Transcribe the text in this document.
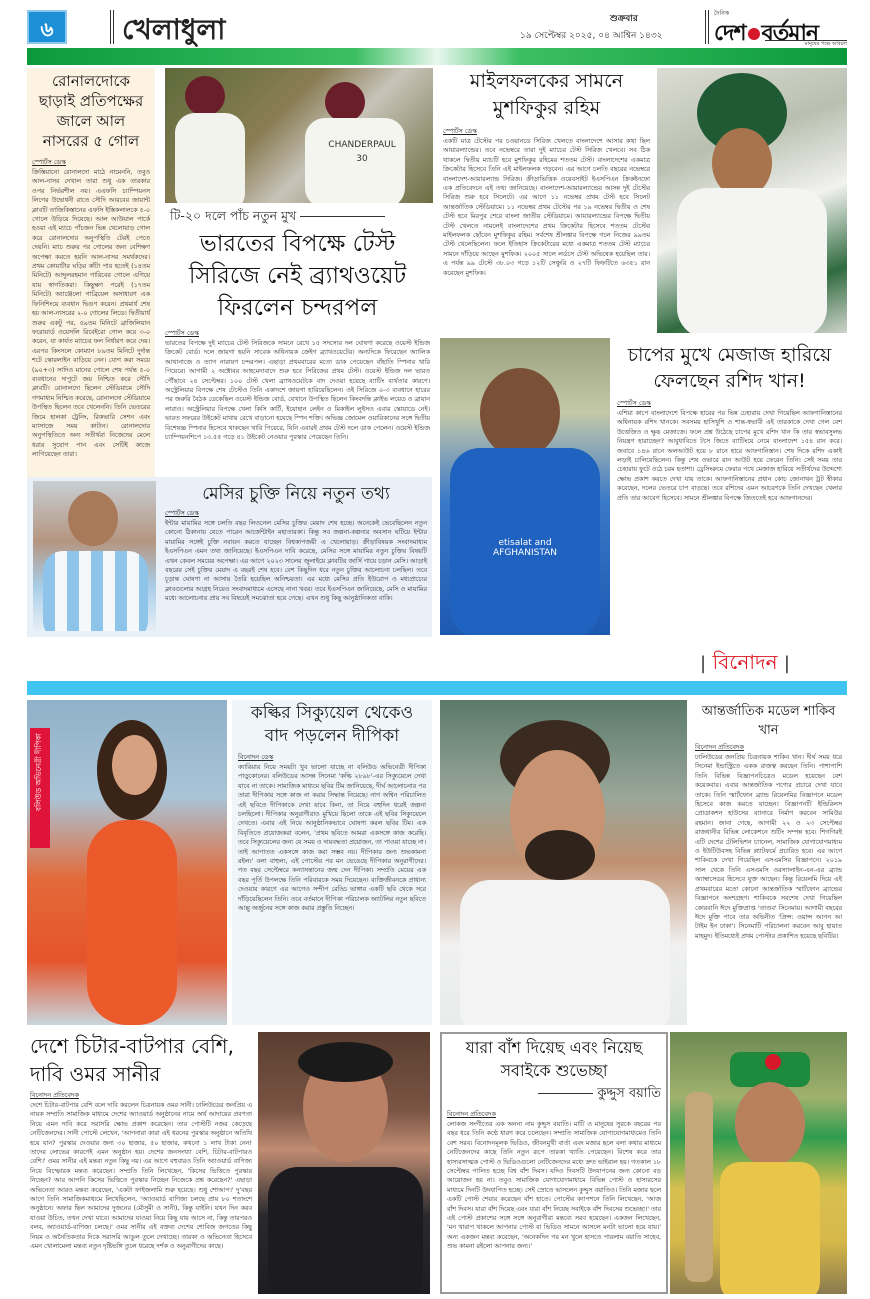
৬	খেলাধুলা	শুক্রবার
১৯ সেপ্টেম্বর ২০২৫, ০৪ আশ্বিন ১৪৩২
দৈনিক
দেশ বর্তমান
মানুষের পক্ষে অবিচল
রোনালদোকে ছাড়াই প্রতিপক্ষের জালে আল নাসরের ৫ গোল
স্পোর্টস ডেস্ক

ক্রিস্তিয়ানো রোনালদো মাঠে নামেননি, তবুও আল-নাসর দেখাল তারা শুধু এক তারকার ওপর নির্ভরশীল নয়। এএফসি চ্যাম্পিয়নস লিগের উদ্বোধনী রাতে সৌদি আরবের জায়ান্ট ক্লাবটি তাজিকিস্তানের এফসি ইস্তিকলালকে ৫-০ গোলে উড়িয়ে দিয়েছে। আল আউয়াল পার্কে হওয়া এই ম্যাচে পাঁচজন ভিন্ন খেলোয়াড় গোল করে রোনালদোর অনুপস্থিতি টেরই পেতে দেয়নি। ম্যাচ শুরুর পর গোলের জন্য বেশিক্ষণ অপেক্ষা করতে হয়নি আল-নাসর সমর্থকদের। প্রথম কোয়ার্টার ঘড়ির কাঁটা পার হতেই (১৪তম মিনিটে) আব্দুলরহমান গারিবের গোলে এগিয়ে যায় স্বাগতিকরা। কিছুক্ষণ পরেই (১৭তম মিনিটে) অ্যাঞ্জেলো গাব্রিয়েল অসাধারণ এক ফিনিশিংয়ে ব্যবধান দ্বিগুণ করেন। প্রথমার্ধ শেষ হয় আল-নাসরের ২-০ গোলের লিডে। দ্বিতীয়ার্ধ শুরুর একটু পর, ৫৯তম মিনিটে ব্রাজিলিয়ান ফরোয়ার্ড ওয়েসলি রিবেইরো গোল করে ৩-০ করেন, যা কার্যত ম্যাচের ফল নির্ধারণ করে দেয়। এরপর কিংসলে কোম্যান ৮৯তম মিনিটে দুর্দান্ত শটে স্কোরলাইন বাড়িয়ে নেন। যোগ করা সময়ে (৯০+৩) সাদিও মানের গোলে শেষ পর্যন্ত ৫-০ ব্যবধানের দাপুটে জয় নিশ্চিত করে সৌদি ক্লাবটি। রোনালদো ছিলেন স্টেডিয়ামে সৌদি গণমাধ্যম নিশ্চিত করেছে, রোনালদো স্টেডিয়ামে উপস্থিত ছিলেন তবে খেলেননি। তিনি ভেতরের জিমে হালকা ট্রেনিং, রিকভারি সেশন এবং ম্যাসাজে সময় কাটান। রোনালদোর অনুপস্থিতিতে অন্য সতীর্থরা নিজেদের মেলে ধরার সুযোগ পান এবং সেটিই কাজে লাগিয়েছেন তারা।

CHANDERPAUL 30
টি-২০ দলে পাঁচ নতুন মুখ
ভারতের বিপক্ষে টেস্ট সিরিজে নেই ব্র্যাথওয়েট ফিরলেন চন্দরপল
স্পোর্টস ডেস্ক

ভারতের বিপক্ষে দুই ম্যাচের টেস্ট সিরিজকে সামনে রেখে ১৫ সদস্যের দল ঘোষণা করেছে ওয়েস্ট ইন্ডিজ ক্রিকেট বোর্ড। দলে জায়গা হয়নি সাবেক অধিনায়ক ক্রেইগ ব্র্যাথওয়েটের। অন্যদিকে ফিরেছেন অ্যালিক আথানাজে ও ত্যাগ নারায়ণ চন্দরপল। এছাড়া প্রথমবারের মতো ডাক পেয়েছেন বাঁহাতি স্পিনার খারি পিয়েরে। আগামী ২ অক্টোবর আহমেদাবাদে শুরু হবে সিরিজের প্রথম টেস্ট। ওয়েস্ট ইন্ডিজ দল ভারত পৌঁছাবে ২৪ সেপ্টেম্বর। ১০০ টেস্ট খেলা ব্র্যাথওয়েটকে বাদ দেওয়া হয়েছে ব্যাটিং ব্যর্থতার কারণে। অস্ট্রেলিয়ার বিপক্ষে শেষ টেস্টেও তিনি একাদশে জায়গা হারিয়েছিলেন। ওই সিরিজে ০-৩ ব্যবধানে হারের পর জরুরি বৈঠক ডেকেছিল ওয়েস্ট ইন্ডিজ বোর্ড, যেখানে উপস্থিত ছিলেন কিংবদন্তি ক্লাইভ লয়েড ও ব্রায়ান লারাও। অস্ট্রেলিয়ার বিপক্ষে খেলা কিসি কার্টি, ইয়োহান লেইন ও মিকাইল লুইসও এবার স্কোয়াডে নেই। ভারত সফরের উইকেট মাথায় রেখে বাড়ানো হয়েছে স্পিন শক্তি। অভিজ্ঞ জোমেল ওয়ারিকানের সঙ্গে দ্বিতীয় বিশেষজ্ঞ স্পিনার হিসেবে থাকছেন খারি পিয়েরে, যিনি এবারই প্রথম টেস্ট দলে ডাক পেলেন। ওয়েস্ট ইন্ডিজ চ্যাম্পিয়নশিপে ১৩.৫৫ গড়ে ৪১ উইকেট নেওয়ার পুরস্কার পেয়েছেন তিনি।

মাইলফলকের সামনে মুশফিকুর রহিম
স্পোর্টস ডেস্ক

একটি মাত্র টেস্টের পর চওয়ানডে সিরিজ খেলতে বাংলাদেশে আসার কথা ছিল আয়ারল্যান্ডের। তবে নভেম্বরে তারা দুই ম্যাচের টেস্ট সিরিজ খেলবে। সব ঠিক থাকলে দ্বিতীয় ম্যাচটি হবে মুশফিকুর রহিমের শততম টেস্ট। বাংলাদেশের একমাত্র ক্রিকেটার হিসেবে তিনি এই মাইলফলক গড়বেন। এর আগে চলতি বছরের নভেম্বরে বাংলাদেশ-আয়ারল্যান্ড সিরিজ। ক্রীড়াভিত্তিক ওয়েবসাইট ইএসপিএন ক্রিকইনফো এক প্রতিবেদনে এই তথ্য জানিয়েছে। বাংলাদেশ-আয়ারল্যান্ডের আসন্ন দুই টেস্টের সিরিজ শুরু হবে সিলেটে। এর আগে ১১ নভেম্বর প্রথম টেস্ট হবে সিলেট আন্তর্জাতিক স্টেডিয়ামে। ১১ নভেম্বর প্রথম টেস্টের পর ১৯ নভেম্বর দ্বিতীয় ও শেষ টেস্ট হবে মিরপুর শেরে বাংলা জাতীয় স্টেডিয়ামে। আয়ারল্যান্ডের বিপক্ষে দ্বিতীয় টেস্ট খেলতে নামলেই বাংলাদেশের প্রথম ক্রিকেটার হিসেবে শততম টেস্টের মাইলফলক ছোঁবেন মুশফিকুর রহিম। সর্বশেষ শ্রীলঙ্কার বিপক্ষে গলে নিজের ৯৯তম টেস্ট খেলেছিলেন। ফলে ইতিহাস ক্রিকেটারের মধ্যে একমাত্র শততম টেস্ট ম্যাচের সামনে দাঁড়িয়ে আছেন মুশফিক। ২০০৫ সালে লর্ডসে টেস্ট অভিষেক হয়েছিল তার। এ পর্যন্ত ৯৯ টেস্টে ৩৮.০৩ গড়ে ১২টি সেঞ্চুরি ও ২৭টি ফিফটিতে ৬৩৫১ রান করেছেন মুশফিক।

etisalat and AFGHANISTAN
চাপের মুখে মেজাজ হারিয়ে ফেলছেন রশিদ খান!
স্পোর্টস ডেস্ক

এশিয়া কাপে বাংলাদেশে বিপক্ষে হারের পর ভিন্ন চেহারায় দেখা গিয়েছিল আফগানিস্তানের অধিনায়ক রশিদ খানকে। সবসময় হাসিখুশি ও শান্ত-স্বভাবী এই তারকাকে দেখা গেল বেশ উত্তেজিত ও ক্ষুব্ধ মেজাজে। ফলে প্রশ্ন উঠেছে চাপের মুখে রশিদ খান কি তার স্বভাবসুলভ নিয়ন্ত্রণ হারাচ্ছেন? আবুধাবিতে টসে জিতে ব্যাটিংয়ে নেমে বাংলাদেশ ১৫৪ রান করে। জবাবে ১৪৬ রানে অলআউট হয়ে ৮ রানে হারে আফগানিস্তান। শেষ দিকে রশিদ একাই লড়াই চালিয়েছিলেন। কিন্তু শেষ ওভারে রান আউট হয়ে ফেরেন তিনি। সেই সময় তার চেহারায় ফুটে ওঠে চরম হতাশা। ড্রেসিংরুমে ফেরার পথে মেজাজ হারিয়ে সতীর্থদের উদ্দেশ্যে ক্ষোভ প্রকাশ করতে দেখা যায় তাকে। আফগানিস্তানের প্রধান কোচ জোনাথন ট্রট স্বীকার করেছেন, দলের ভেতরে চাপ বাড়ছে। তবে রশিদের এমন আচরণকে তিনি দেখছেন খেলার প্রতি তার আবেগ হিসেবে। সামনে শ্রীলঙ্কার বিপক্ষে জিততেই হবে আফগানদের।

মেসির চুক্তি নিয়ে নতুন তথ্য
স্পোর্টস ডেস্ক

ইন্টার মায়ামির সঙ্গে চলতি বছর লিওনেল মেসির চুক্তির মেয়াদ শেষ হচ্ছে। অনেকেই ভেবেছিলেন নতুন কোনো ঠিকানায় যেতে পারেন আর্জেন্টাইন মহাতারকা। কিন্তু সব জল্পনা-কল্পনার অবসান ঘটিয়ে ইন্টার মায়ামির সঙ্গেই চুক্তি নবায়ন করতে যাচ্ছেন বিশ্বকাপজয়ী এ খেলোয়াড়। ক্রীড়াবিষয়ক সংবাদমাধ্যম ইএসপিএন এমন তথ্য জানিয়েছে। ইএসপিএন দাবি করেছে, মেসির সঙ্গে মায়ামির নতুন চুক্তির বিষয়টি এখন কেবল সময়ের অপেক্ষা। এর আগে ২০২৩ সালের জুলাইয়ে ক্লাবটির জার্সি গায়ে চড়ান মেসি। আড়াই বছরের সেই চুক্তির মেয়াদ এ বছরই শেষ হবে। বেশ কিছুদিন ধরে নতুন চুক্তির আলোচনা চলছিল। তবে চূড়ান্ত ঘোষণা না আসায় তৈরি হয়েছিল অনিশ্চয়তা। এর মধ্যে মেসির প্রতি ইউরোপ ও মধ্যপ্রাচ্যের ক্লাবগুলোর আগ্রহ নিয়েও সংবাদমাধ্যমে এসেছে নানা খবর। তবে ইএসপিএন জানিয়েছে, মেসি ও মায়ামির মধ্যে আলোচনার প্রায় সব বিষয়েই সমঝোতা হয়ে গেছে। এখন শুধু কিছু আনুষ্ঠানিকতা বাকি।

| বিনোদন |
বলিউড অভিনেত্রী দীপিকা
কল্কির সিক্যুয়েল থেকেও বাদ পড়লেন দীপিকা
বিনোদন ডেস্ক

ক্যারিয়ার নিয়ে সময়টা খুব ভালো যাচ্ছে না বলিউড অভিনেত্রী দীপিকা পাড়ুকোনের। বলিউডের আসন্ন সিনেমা 'কল্কি ২৮৯৮'-এর সিক্যুয়েলে দেখা যাবে না তাকে। সামাজিক মাধ্যমে ছবির টিম জানিয়েছে, দীর্ঘ আলোচনার পর তারা দীপিকার সঙ্গে কাজ না করার সিদ্ধান্ত নিয়েছে। নাগ অশ্বিন পরিচালিত এই ছবিতে দীপিকাকে দেখা যাবে কিনা, তা নিয়ে বহুদিন ধরেই জল্পনা চলছিলো। দীপিকার অনুরাগীরাও মুখিয়ে ছিলো তাকে এই ছবির সিক্যুয়েলে দেখতে। এবার এই নিয়ে আনুষ্ঠানিকভাবে ঘোষণা করল ছবির টিম। এক বিবৃতিতে প্রযোজকরা বলেন, 'প্রথম ছবিতে আমরা একসঙ্গে কাজ করেছি। তবে সিক্যুয়েলের জন্য যে সময় ও দায়বদ্ধতা প্রয়োজন, তা পাওয়া যাচ্ছে না। তাই আপাতত একসঙ্গে কাজ করা সম্ভব নয়। দীপিকার জন্য শুভকামনা রইল।' বলা বাহুল্য, এই পোস্টের পর মন ভেঙেছে দীপিকার অনুরাগীদের। গত বছর সেপ্টেম্বরে কন্যাসন্তানের জন্ম দেন দীপিকা। সম্প্রতি মেয়ের এক বছর পূর্তি উপলক্ষে তিনি পরিবারকে সময় দিয়েছেন। ব্যক্তিজীবনকে প্রাধান্য দেওয়ার কারণে এর আগেও সন্দীপ রেড্ডি ভাঙ্গার একটি ছবি থেকে সরে দাঁড়িয়েছিলেন তিনি। তবে বর্তমানে দীপিকা পরিচালক অ্যাটলির নতুন ছবিতে আল্লু অর্জুনের সঙ্গে কাজ করার প্রস্তুতি নিচ্ছেন।

আন্তর্জাতিক মডেল শাকিব খান
বিনোদন প্রতিবেদক

ঢালিউডের জনপ্রিয় চিত্রনায়ক শাকিব খান। দীর্ঘ সময় ধরে সিনেমা ইন্ডাস্ট্রিতে একক রাজত্ব করছেন তিনি। পাশাপাশি তিনি বিভিন্ন বিজ্ঞাপনচিত্রেও মডেল হয়েছেন বেশ কয়েকবার। এবার আন্তর্জাতিক পণ্যের প্রচারে দেখা যাবে তাকে। তিনি স্মার্টফোন ব্র্যান্ড রিয়েলমির বিজ্ঞাপনে মডেল হিসেবে কাজ করতে যাচ্ছেন। বিজ্ঞাপনটি ইন্ডিরিলস প্রোডাকশন হাউসের ব্যানারে নির্মাণ করবেন সামিউর রহমান। জানা গেছে, আগামী ২২ ও ২৩ সেপ্টেম্বর রাজধানীর বিভিন্ন লোকেশনে শুটিং সম্পন্ন হবে। শিগগিরই এটি দেশের টেলিভিশন চ্যানেল, সামাজিক যোগাযোগমাধ্যম ও ইউটিউবসহ বিভিন্ন প্ল্যাটফর্মে প্রচারিত হবে। এর আগে শাকিবকে দেখা গিয়েছিল এসএমসির বিজ্ঞাপনে। ২০১৯ সাল থেকে তিনি এসএমসি ওরস্যালাইন-এন-এর ব্র্যান্ড অ্যাম্বাসেডর হিসেবে যুক্ত আছেন। কিন্তু রিয়েলমি দিয়ে এই প্রথমবারের মতো কোনো আন্তর্জাতিক স্মার্টফোন ব্র্যান্ডের বিজ্ঞাপনে অংশগ্রহণ। শাকিবকে সবশেষ দেখা গিয়েছিল কোরবানি ঈদে মুক্তিপ্রাপ্ত 'তাণ্ডব' সিনেমায়। আগামী বছরের ঈদে মুক্তি পাবে তার অভিনীত 'প্রিন্স: ওয়ান্স আপন আ টাইম ইন ঢাকা'। সিনেমাটি পরিচালনা করবেন আবু হায়াত মাহমুদ। ইতিমধ্যেই প্রথম পোস্টার প্রকাশিত হয়েছে ছবিটির।

দেশে চিটার-বাটপার বেশি, দাবি ওমর সানীর
বিনোদন প্রতিবেদক

দেশে চিটার-বাটপার বেশি বলে দাবি করলেন চিত্রনায়ক ওমর সানী। ঢালিউডের জনপ্রিয় এ নায়ক সম্প্রতি সামাজিক মাধ্যমে দেশের অ্যাওয়ার্ড অনুষ্ঠানের নামে অর্থ আদায়ের প্রবণতা নিয়ে এমন দাবি করে সরাসরি ক্ষোভ প্রকাশ করেছেন। তার পোস্টটি নজর কেড়েছে নেটিজেনদের। সানী পোস্টে লেখেন, 'আপনারা কারা এই ধরনের পুরস্কার অনুষ্ঠানে অতিথি হয়ে যান? পুরস্কার দেওয়ার জন্য ৩০ হাজার, ৫০ হাজার, কখনো ১ লাখ টাকা নেন! তাদের লোভের কারণেই এমন অনুষ্ঠান হয়। দেশের জনসংখ্যা বেশি, চিটার-বাটপারও বেশি।' ওমর সানীর এই মন্তব্য নতুন কিছু নয়। এর আগে বহুবারও তিনি অ্যাওয়ার্ড বাণিজ্য নিয়ে বিস্ফোরক মন্তব্য করেছেন। সম্প্রতি তিনি লিখেছেন, 'কিসের ভিত্তিতে পুরস্কার নিচ্ছেন? আর আপনি কিসের ভিত্তিতে পুরস্কার নিচ্ছেন নিজেকে প্রশ্ন করেছেন?' এছাড়া অভিনেতা আরও মন্তব্য করেছেন, 'একটা ফাইজলামি শুরু হয়েছে। শুধু শোআপ।' দু'বছর আগে তিনি সামাজিকমাধ্যমে লিখেছিলেন, 'অ্যাওয়ার্ড বাণিজ্য চলছে প্রায় ৮০ শতাংশে অনুষ্ঠানে। অফার ছিল আমাদের দুজনের (মৌসুমী ও সানী), কিন্তু যাইনি। যখন দিন করব যাওয়া উচিত, তখন দেখা যাবে। আমাদের যাওয়া নিয়ে কিছু যায় আসে না, কিন্তু তারপরও বলব, অ্যাওয়ার্ড-বাণিজ্য চলছে।' ওমর সানীর এই বক্তব্য দেশের শোবিজ জগতের কিছু নিয়ম ও অনৈতিকতার দিকে সরাসরি আঙুল তুলে দেখাচ্ছে। তারকা ও অভিনেতা হিসেবে এমন খোলামেলা মন্তব্য নতুন দৃষ্টিভঙ্গি তুলে ধরেছে দর্শক ও অনুরাগীদের কাছে।

যারা বাঁশ দিয়েছ এবং নিয়েছ সবাইকে শুভেচ্ছা
কুদ্দুস বয়াতি
বিনোদন প্রতিবেদক

লোকজ সংগীতের এক অনন্য নাম কুদ্দুস বয়াতি। মাটি ও মানুষের সুরকে বছরের পর বছর ধরে তিনি কণ্ঠে ধারণ করে চলেছেন। সম্প্রতি সামাজিক যোগাযোগমাধ্যমেও তিনি বেশ সরব। বিনোদনমূলক ভিডিও, জীবনমুখী বার্তা এবং মজার ছলে বলা কথার মাধ্যমে নেটিজেনদের কাছে তিনি নতুন রূপে তারকা খ্যাতি পেয়েছেন। বিশেষ করে তার হাস্যরসাত্মক পোস্ট ও ভিডিওগুলো নেটিজেনদের মধ্যে দ্রুত ভাইরাল হয়। গতকাল ১৮ সেপ্টেম্বর পালিত হচ্ছে বিশ্ব বাঁশ দিবস। যদিও দিবসটি উদযাপনের জন্য কোনো বড় আয়োজন হয় না। তবুও সামাজিক যোগাযোগমাধ্যমে বিভিন্ন পোস্ট ও হাস্যরসের মাধ্যমে দিনটি উদযাপিত হচ্ছে। সেই স্রোতে ভাসলেন কুদ্দুস বয়াতিও। তিনি মজার ছলে একটি পোস্ট শেয়ার করেছেন বাঁশ হাতে। পোস্টের ক্যাপশনে তিনি লিখেছেন, 'আজ বাঁশ দিবস। যারা বাঁশ দিয়েছ এবং যারা বাঁশ নিয়েছ সবাইকে বাঁশ দিবসের শুভেচ্ছা।' তার এই পোস্ট প্রকাশের সঙ্গে সঙ্গে অনুরাগীরা মন্তব্যে সরব হয়েছেন। একজন লিখেছেন, 'মন খারাপ থাকলে আপনার পোস্ট বা ভিডিও সামনে আসলে মনটা ভালো হয়ে যায়।' অন্য একজন মন্তব্য করেছেন, 'অনেকদিন পর মন খুলে হাসতে পারলাম বয়াতি সাহেব, শুভ কামনা রইলো আপনার জন্য।'
